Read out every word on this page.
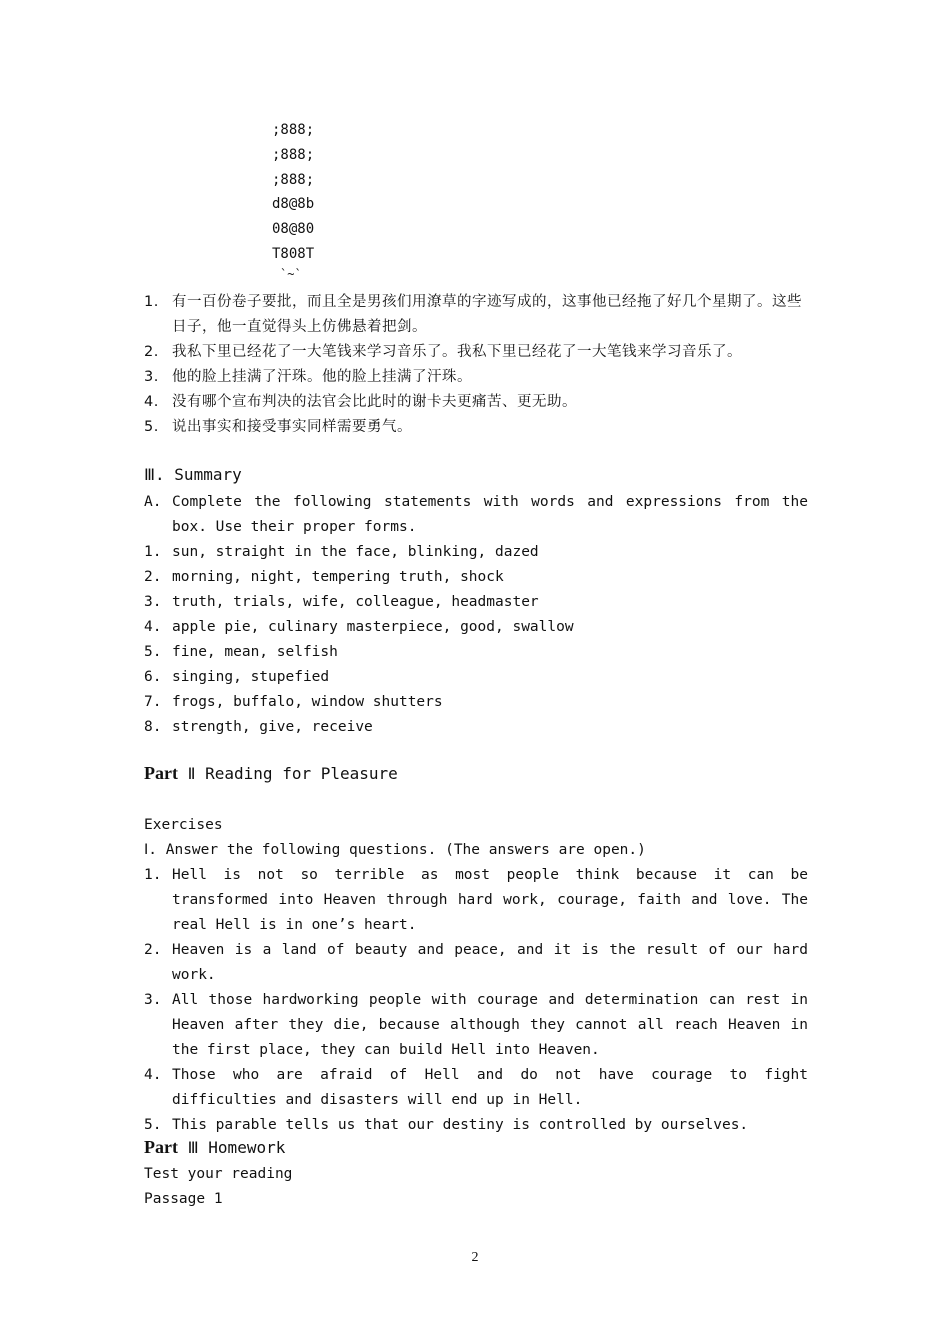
;888;
;888;
;888;
d8@8b
08@80
T808T
`~`
1. 有一百份卷子要批，而且全是男孩们用潦草的字迹写成的，这事他已经拖了好几个星期了。这些日子，他一直觉得头上仿佛悬着把剑。
2. 我私下里已经花了一大笔钱来学习音乐了。我私下里已经花了一大笔钱来学习音乐了。
3. 他的脸上挂满了汗珠。他的脸上挂满了汗珠。
4. 没有哪个宣布判决的法官会比此时的谢卡夫更痛苦、更无助。
5. 说出事实和接受事实同样需要勇气。
Ⅲ. Summary
A. Complete the following statements with words and expressions from the box. Use their proper forms.
1. sun, straight in the face, blinking, dazed
2. morning, night, tempering truth, shock
3. truth, trials, wife, colleague, headmaster
4. apple pie, culinary masterpiece, good, swallow
5. fine, mean, selfish
6. singing, stupefied
7. frogs, buffalo, window shutters
8. strength, give, receive
Part Ⅱ Reading for Pleasure
Exercises
Ⅰ. Answer the following questions. (The answers are open.)
1. Hell is not so terrible as most people think because it can be transformed into Heaven through hard work, courage, faith and love. The real Hell is in one’s heart.
2. Heaven is a land of beauty and peace, and it is the result of our hard work.
3. All those hardworking people with courage and determination can rest in Heaven after they die, because although they cannot all reach Heaven in the first place, they can build Hell into Heaven.
4. Those who are afraid of Hell and do not have courage to fight difficulties and disasters will end up in Hell.
5. This parable tells us that our destiny is controlled by ourselves.
Part Ⅲ Homework
Test your reading
Passage 1
2
